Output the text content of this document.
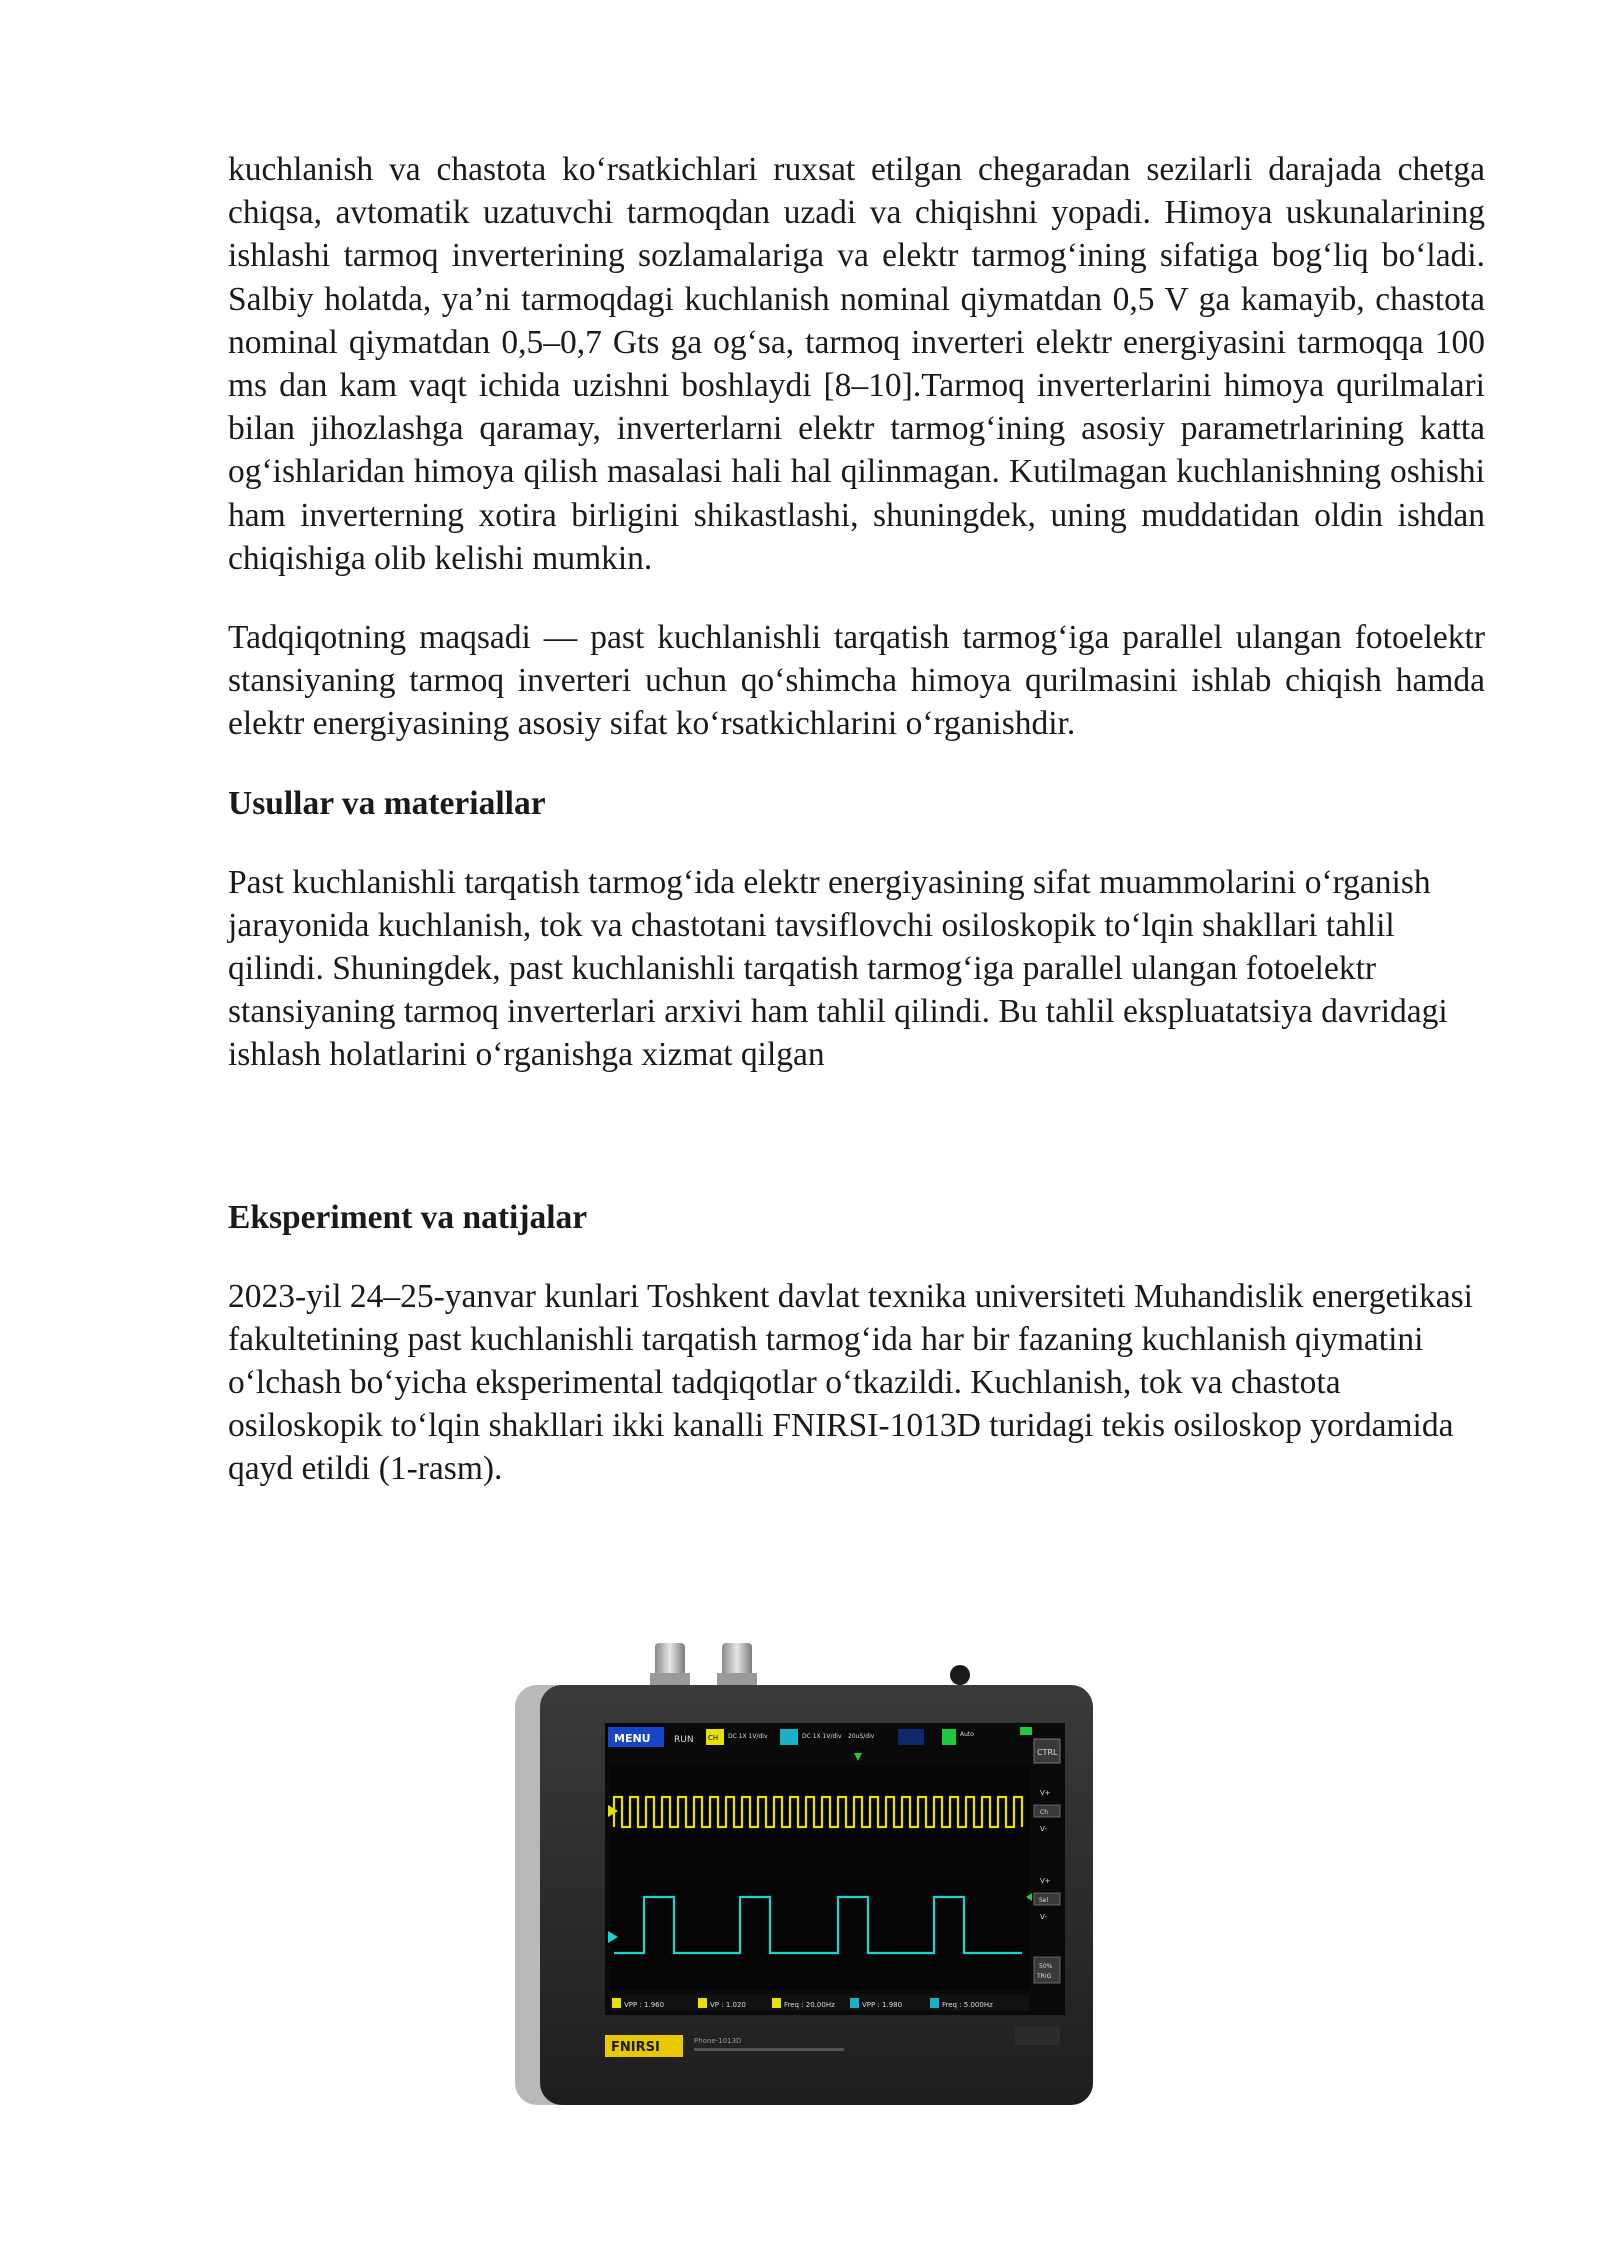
kuchlanish va chastota koʻrsatkichlari ruxsat etilgan chegaradan sezilarli darajada chetga chiqsa, avtomatik uzatuvchi tarmoqdan uzadi va chiqishni yopadi. Himoya uskunalarining ishlashi tarmoq inverterining sozlamalariga va elektr tarmogʻining sifatiga bogʻliq boʻladi. Salbiy holatda, ya’ni tarmoqdagi kuchlanish nominal qiymatdan 0,5 V ga kamayib, chastota nominal qiymatdan 0,5–0,7 Gts ga ogʻsa, tarmoq inverteri elektr energiyasini tarmoqqa 100 ms dan kam vaqt ichida uzishni boshlaydi [8–10].Tarmoq inverterlarini himoya qurilmalari bilan jihozlashga qaramay, inverterlarni elektr tarmogʻining asosiy parametrlarining katta ogʻishlaridan himoya qilish masalasi hali hal qilinmagan. Kutilmagan kuchlanishning oshishi ham inverterning xotira birligini shikastlashi, shuningdek, uning muddatidan oldin ishdan chiqishiga olib kelishi mumkin.

Tadqiqotning maqsadi — past kuchlanishli tarqatish tarmogʻiga parallel ulangan fotoelektr stansiyaning tarmoq inverteri uchun qoʻshimcha himoya qurilmasini ishlab chiqish hamda elektr energiyasining asosiy sifat koʻrsatkichlarini oʻrganishdir.

Usullar va materiallar

Past kuchlanishli tarqatish tarmogʻida elektr energiyasining sifat muammolarini oʻrganish jarayonida kuchlanish, tok va chastotani tavsiflovchi osiloskopik toʻlqin shakllari tahlil qilindi. Shuningdek, past kuchlanishli tarqatish tarmogʻiga parallel ulangan fotoelektr stansiyaning tarmoq inverterlari arxivi ham tahlil qilindi. Bu tahlil ekspluatatsiya davridagi ishlash holatlarini oʻrganishga xizmat qilgan

Eksperiment va natijalar

2023-yil 24–25-yanvar kunlari Toshkent davlat texnika universiteti Muhandislik energetikasi fakultetining past kuchlanishli tarqatish tarmogʻida har bir fazaning kuchlanish qiymatini oʻlchash boʻyicha eksperimental tadqiqotlar oʻtkazildi. Kuchlanish, tok va chastota osiloskopik toʻlqin shakllari ikki kanalli FNIRSI-1013D turidagi tekis osiloskop yordamida qayd etildi (1-rasm).

MENU	RUN CH DC 1X 1V/div	DC 1X 1V/div 20uS/div	Auto
CTRL
V+
Ch
V-
V+
Sel
V-
50%
TRIG
VPP : 1.960	VP : 1.020	Freq : 20.00Hz	VPP : 1.980	Freq : 5.000Hz
FNIRSI	Phone-1013D
